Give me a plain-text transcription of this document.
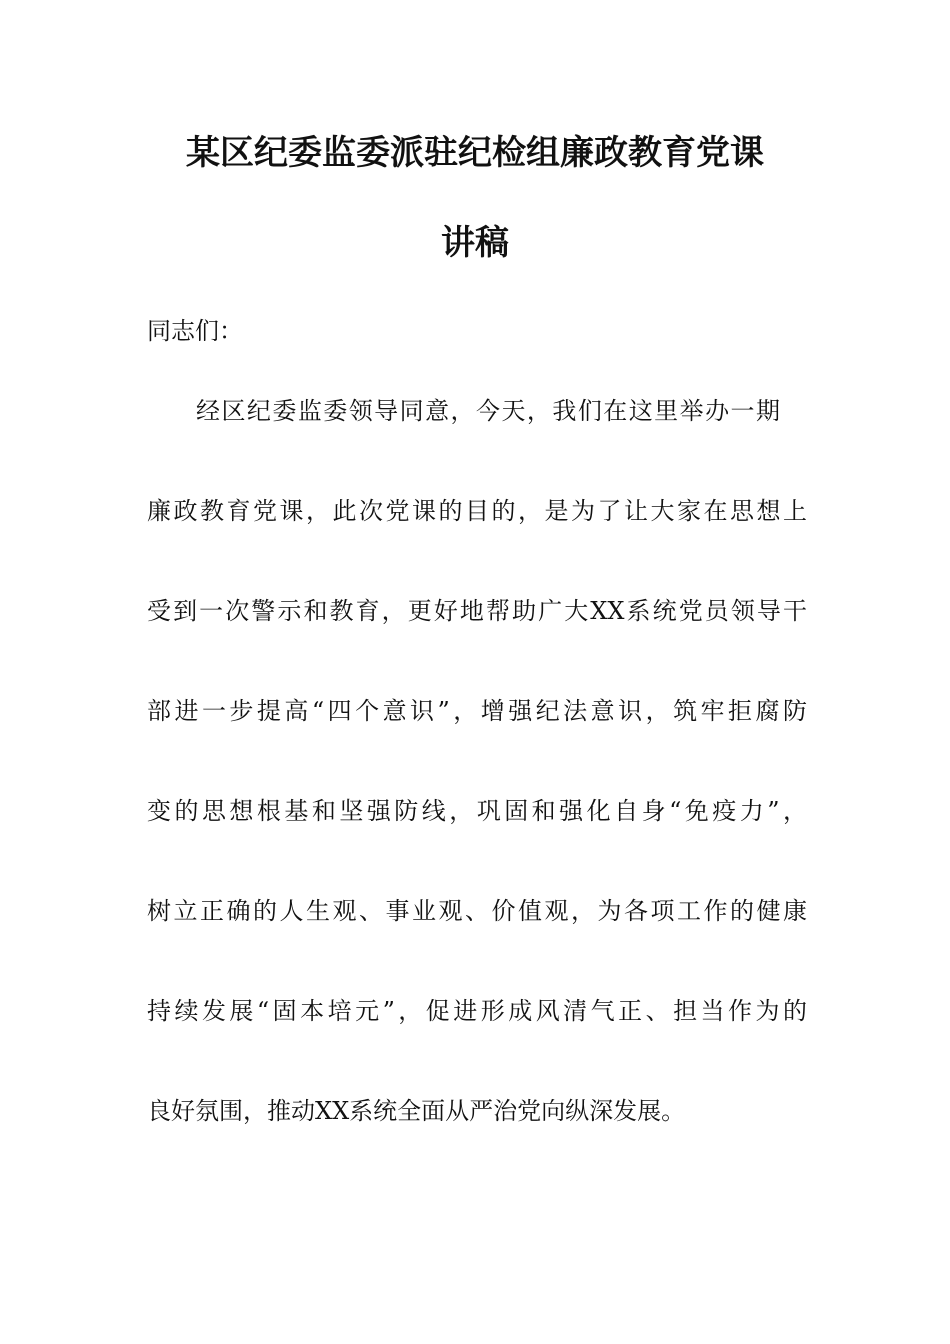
某区纪委监委派驻纪检组廉政教育党课
讲稿
同志们：
经区纪委监委领导同意，今天，我们在这里举办一期
廉政教育党课，此次党课的目的，是为了让大家在思想上
受到一次警示和教育，更好地帮助广大XX系统党员领导干
部进一步提高“四个意识”，增强纪法意识，筑牢拒腐防
变的思想根基和坚强防线，巩固和强化自身“免疫力”，
树立正确的人生观、事业观、价值观，为各项工作的健康
持续发展“固本培元”，促进形成风清气正、担当作为的
良好氛围，推动XX系统全面从严治党向纵深发展。
